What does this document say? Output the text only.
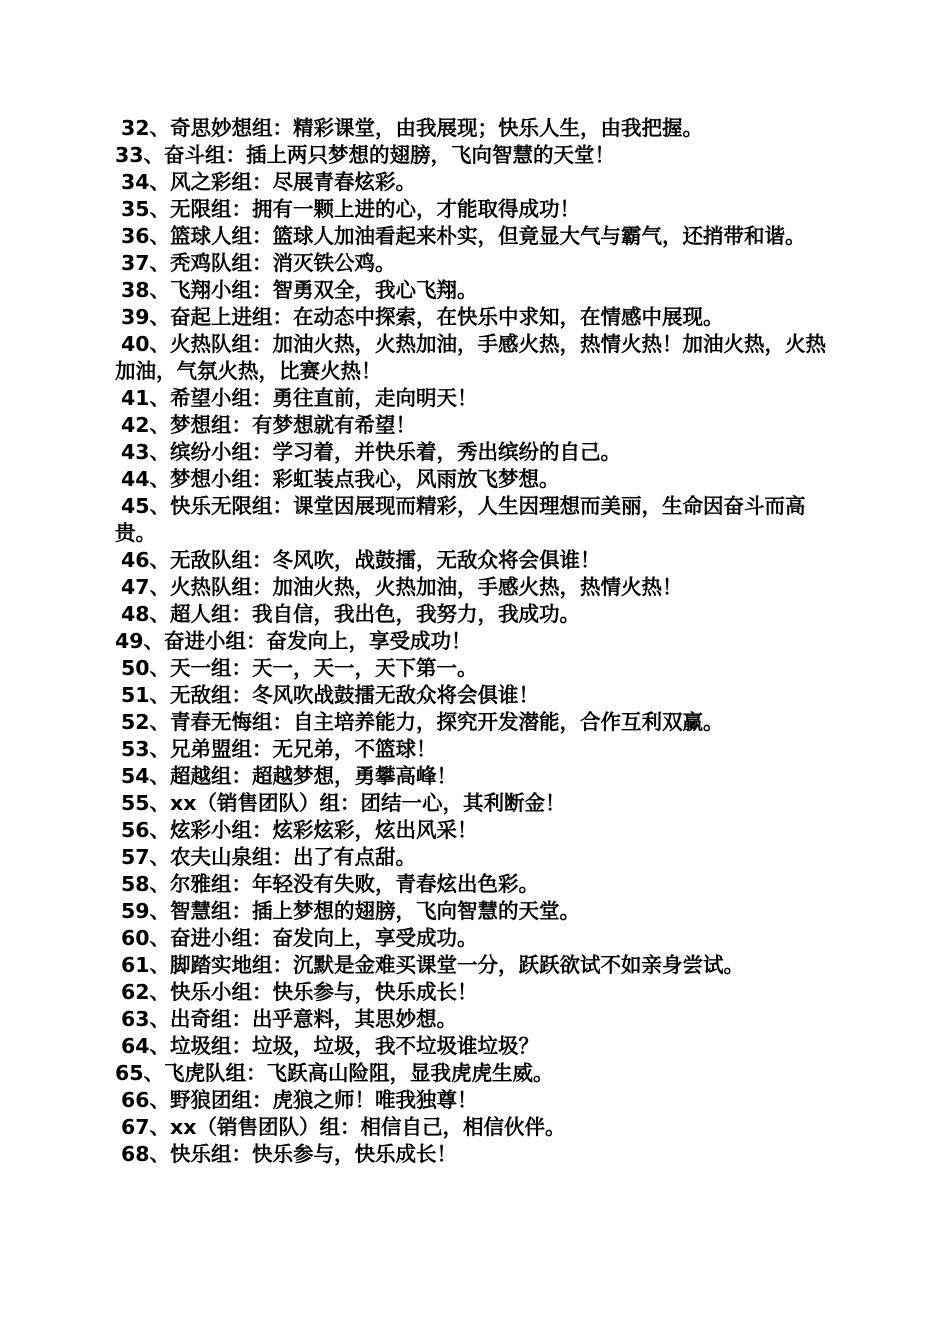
32、奇思妙想组：精彩课堂，由我展现；快乐人生，由我把握。
33、奋斗组：插上两只梦想的翅膀，飞向智慧的天堂！
34、风之彩组：尽展青春炫彩。
35、无限组：拥有一颗上进的心，才能取得成功！
36、篮球人组：篮球人加油看起来朴实，但竟显大气与霸气，还捎带和谐。
37、秃鸡队组：消灭铁公鸡。
38、飞翔小组：智勇双全，我心飞翔。
39、奋起上进组：在动态中探索，在快乐中求知，在情感中展现。
40、火热队组：加油火热，火热加油，手感火热，热情火热！加油火热，火热加油，气氛火热，比赛火热！
41、希望小组：勇往直前，走向明天！
42、梦想组：有梦想就有希望！
43、缤纷小组：学习着，并快乐着，秀出缤纷的自己。
44、梦想小组：彩虹装点我心，风雨放飞梦想。
45、快乐无限组：课堂因展现而精彩，人生因理想而美丽，生命因奋斗而高贵。
46、无敌队组：冬风吹，战鼓擂，无敌众将会俱谁！
47、火热队组：加油火热，火热加油，手感火热，热情火热！
48、超人组：我自信，我出色，我努力，我成功。
49、奋进小组：奋发向上，享受成功！
50、天一组：天一，天一，天下第一。
51、无敌组：冬风吹战鼓擂无敌众将会俱谁！
52、青春无悔组：自主培养能力，探究开发潜能，合作互利双赢。
53、兄弟盟组：无兄弟，不篮球！
54、超越组：超越梦想，勇攀高峰！
55、xx（销售团队）组：团结一心，其利断金！
56、炫彩小组：炫彩炫彩，炫出风采！
57、农夫山泉组：出了有点甜。
58、尔雅组：年轻没有失败，青春炫出色彩。
59、智慧组：插上梦想的翅膀，飞向智慧的天堂。
60、奋进小组：奋发向上，享受成功。
61、脚踏实地组：沉默是金难买课堂一分，跃跃欲试不如亲身尝试。
62、快乐小组：快乐参与，快乐成长！
63、出奇组：出乎意料，其思妙想。
64、垃圾组：垃圾，垃圾，我不垃圾谁垃圾？
65、飞虎队组：飞跃高山险阻，显我虎虎生威。
66、野狼团组：虎狼之师！唯我独尊！
67、xx（销售团队）组：相信自己，相信伙伴。
68、快乐组：快乐参与，快乐成长！
